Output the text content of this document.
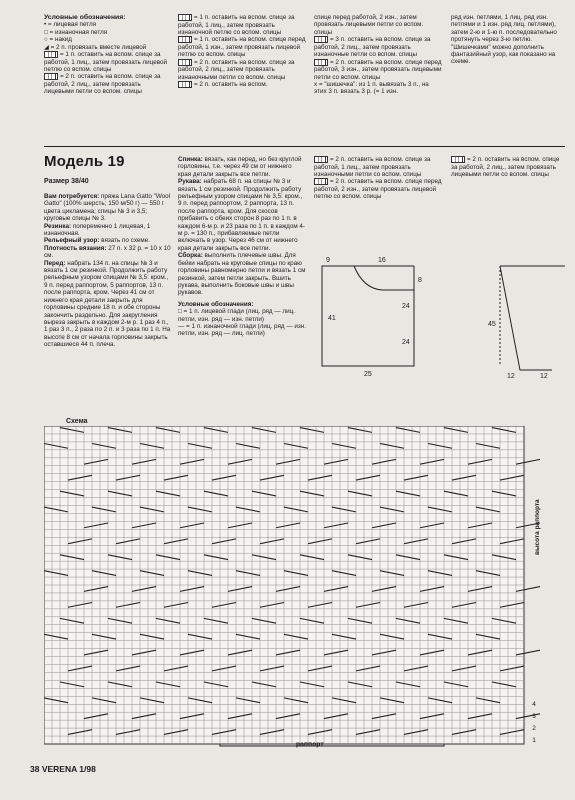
Условные обозначения:

• = лицевая петля

□ = изнаночная петля

○ = накид

◢ = 2 п. провязать вместе лицевой

= 1 п. оставить на вспом. спице за работой, 1 лиц., затем провязать лицевой петлю со вспом. спицы

= 2 п. оставить на вспом. спице за работой, 2 лиц., затем провязать лицевыми петли со вспом. спицы

= 1 п. оставить на вспом. спице за работой, 1 лиц., затем провязать изнаночной петлю со вспом. спицы

= 1 п. оставить на вспом. спице перед работой, 1 изн., затем провязать лицевой петлю со вспом. спицы

= 2 п. оставить на вспом. спице за работой, 2 лиц., затем провязать изнаночными петли со вспом. спицы

= 2 п. оставить на вспом.

спице перед работой, 2 изн., затем провязать лицевыми петли со вспом. спицы

= 3 п. оставить на вспом. спице за работой, 2 лиц., затем провязать изнаночные петли со вспом. спицы

= 2 п. оставить на вспом. спице перед работой, 3 изн., затем провязать лицевыми петли со вспом. спицы

х = "шишечка": из 1 п. вывязать 3 п., на этих 3 п. вязать 3 р. (= 1 изн.

ряд изн. петлями, 1 лиц. ряд изн. петлями и 1 изн. ряд лиц. петлями), затем 2-ю и 1-ю п. последовательно протянуть через 3-ю петлю. "Шишечками" можно дополнить фантазийный узор, как показано на схеме.

Модель 19
Размер 38/40

Вам потребуется: пряжа Lana Gatto "Wool Gatto" (100% шерсть; 150 м/50 г) — 550 г цвета цикламена; спицы № 3 и 3,5; круговые спицы № 3.

Резинка: попеременно 1 лицевая, 1 изнаночная.

Рельефный узор: вязать по схеме.

Плотность вязания: 27 п. х 32 р. = 10 х 10 см.

Перед: набрать 134 п. на спицы № 3 и вязать 1 см резинкой. Продолжить работу рельефным узором спицами № 3,5: кром., 9 п. перед раппортом, 5 раппортов, 13 п. после раппорта, кром. Через 41 см от нижнего края детали закрыть для горловины средние 18 п. и обе стороны закончить раздельно. Для закругления выреза закрыть в каждом 2-м р. 1 раз 4 п., 1 раз 3 п., 2 раза по 2 п. и 3 раза по 1 п. На высоте 8 см от начала горловины закрыть оставшиеся 44 п. плеча.

Спинка: вязать, как перед, но без круглой горловины, т.е. через 49 см от нижнего края детали закрыть все петли.

Рукава: набрать 68 п. на спицы № 3 и вязать 1 см резинкой. Продолжить работу рельефным узором спицами № 3,5: кром., 9 п. перед раппортом, 2 раппорта, 13 п. после раппорта, кром. Для скосов прибавить с обеих сторон 8 раз по 1 п. в каждом 6-м р. и 23 раза по 1 п. в каждом 4-м р. = 130 п., прибавляемые петли включать в узор. Через 46 см от нижнего края детали закрыть все петли.

Сборка: выполнить плечевые швы. Для бейки набрать на круговые спицы по краю горловины равномерно петли и вязать 1 см резинкой, затем петли закрыть. Вшить рукава, выполнить боковые швы и швы рукавов.

Условные обозначения:

□ = 1 п. лицевой глади (лиц. ряд — лиц. петли, изн. ряд — изн. петли)

— = 1 п. изнаночной глади (лиц. ряд — изн. петли, изн. ряд — лиц. петли)

= 2 п. оставить на вспом. спице за работой, 1 лиц., затем провязать изнаночными петли со вспом. спицы

= 2 п. оставить на вспом. спице перед работой, 2 изн., затем провязать лицевой петлю со вспом. спицы

= 2 п. оставить на вспом. спице за работой, 2 лиц., затем провязать лицевыми петли со вспом. спицы

9	16
8
41
24
24
25
45
12	12
Схема
4
3
2
1
высота раппорта
раппорт
38 VERENA 1/98
